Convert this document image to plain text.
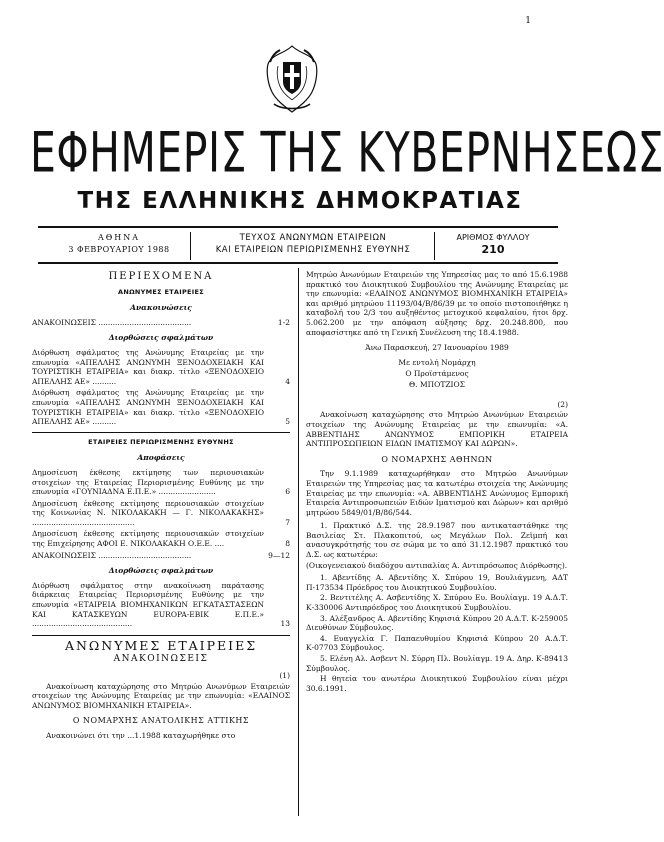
1
ΕΦΗΜΕΡΙΣ ΤΗΣ ΚΥΒΕΡΝΗΣΕΩΣ
ΤΗΣ ΕΛΛΗΝΙΚΗΣ ΔΗΜΟΚΡΑΤΙΑΣ
ΑΘΗΝΑ
3 ΦΕΒΡΟΥΑΡΙΟΥ 1988
ΤΕΥΧΟΣ ΑΝΩΝΥΜΩΝ ΕΤΑΙΡΕΙΩΝ
ΚΑΙ ΕΤΑΙΡΕΙΩΝ ΠΕΡΙΩΡΙΣΜΕΝΗΣ ΕΥΘΥΝΗΣ
ΑΡΙΘΜΟΣ ΦΥΛΛΟΥ
210
ΠΕΡΙΕΧΟΜΕΝΑ
ΑΝΩΝΥΜΕΣ ΕΤΑΙΡΕΙΕΣ
Ανακοινώσεις
ΑΝΑΚΟΙΝΩΣΕΙΣ .......................................	1-2
Διορθώσεις σφαλμάτων
Διόρθωση σφάλματος της Ανώνυμης Εταιρείας με την επωνυμία «ΑΠΕΛΛΗΣ ΑΝΩΝΥΜΗ ΞΕΝΟΔΟΧΕΙΑΚΗ ΚΑΙ ΤΟΥΡΙΣΤΙΚΗ ΕΤΑΙΡΕΙΑ» και διακρ. τίτλο «ΞΕΝΟΔΟΧΕΙΟ ΑΠΕΛΛΗΣ ΑΕ» ..........	4
Διόρθωση σφάλματος της Ανώνυμης Εταιρείας με την επωνυμία «ΑΠΕΛΛΗΣ ΑΝΩΝΥΜΗ ΞΕΝΟΔΟΧΕΙΑΚΗ ΚΑΙ ΤΟΥΡΙΣΤΙΚΗ ΕΤΑΙΡΕΙΑ» και διακρ. τίτλο «ΞΕΝΟΔΟΧΕΙΟ ΑΠΕΛΛΗΣ ΑΕ» ..........	5
ΕΤΑΙΡΕΙΕΣ ΠΕΡΙΩΡΙΣΜΕΝΗΣ ΕΥΘΥΝΗΣ
Αποφάσεις
Δημοσίευση έκθεσης εκτίμησης των περιουσιακών στοιχείων της Εταιρείας Περιορισμένης Ευθύνης με την επωνυμία «ΓΟΥΝΙΑΔΝΑ Ε.Π.Ε.» ........................	6
Δημοσίευση έκθεσης εκτίμησης περιουσιακών στοιχείων της Κοινωνίας Ν. ΝΙΚΟΛΑΚΑΚΗ — Γ. ΝΙΚΟΛΑΚΑΚΗΣ» ...........................................	7
Δημοσίευση έκθεσης εκτίμησης περιουσιακών στοιχείων της Επιχείρησης ΑΦΟΙ Ε. ΝΙΚΟΛΑΚΑΚΗ Ο.Ε.Ε. ....	8
ΑΝΑΚΟΙΝΩΣΕΙΣ .......................................	9—12
Διορθώσεις σφαλμάτων
Διόρθωση σφάλματος στην ανακοίνωση παράτασης διάρκειας Εταιρείας Περιορισμένης Ευθύνης με την επωνυμία «ΕΤΑΙΡΕΙΑ ΒΙΟΜΗΧΑΝΙΚΩΝ ΕΓΚΑΤΑΣΤΑΣΕΩΝ ΚΑΙ ΚΑΤΑΣΚΕΥΩΝ EUROPA-EBIK Ε.Π.Ε.» ..........................................	13
ΑΝΩΝΥΜΕΣ ΕΤΑΙΡΕΙΕΣ
ΑΝΑΚΟΙΝΩΣΕΙΣ
(1)

Ανακοίνωση καταχώρησης στο Μητρώο Ανωνύμων Εταιρειών στοιχείων της Ανώνυμης Εταιρείας με την επωνυμία: «ΕΛΑΙΝΟΣ ΑΝΩΝΥΜΟΣ ΒΙΟΜΗΧΑΝΙΚΗ ΕΤΑΙΡΕΙΑ».

Ο ΝΟΜΑΡΧΗΣ ΑΝΑΤΟΛΙΚΗΣ ΑΤΤΙΚΗΣ

Ανακοινώνει ότι την ...1.1988 καταχωρήθηκε στο

Μητρώο Ανωνύμων Εταιρειών της Υπηρεσίας μας το από 15.6.1988 πρακτικό του Διοικητικού Συμβουλίου της Ανώνυμης Εταιρείας με την επωνυμία: «ΕΛΑΙΝΟΣ ΑΝΩΝΥΜΟΣ ΒΙΟΜΗΧΑΝΙΚΗ ΕΤΑΙΡΕΙΑ» και αριθμό μητρώου 11193/04/Β/86/39 με το οποίο πιστοποιήθηκε η καταβολή του 2/3 του αυξηθέντος μετοχικού κεφαλαίου, ήτοι δρχ. 5.062.200 με την απόφαση αύξησης δρχ. 20.248.800, που αποφασίστηκε από τη Γενική Συνέλευση της 18.4.1988.

Άνω Παρασκευή, 27 Ιανουαρίου 1989

Με εντολή Νομάρχη
Ο Προϊστάμενος
Θ. ΜΠΟΤΖΙΟΣ
(2)

Ανακοίνωση καταχώρησης στο Μητρώο Ανωνύμων Εταιρειών στοιχείων της Ανώνυμης Εταιρείας με την επωνυμία: «Α. ΑΒΒΕΝΤΙΔΗΣ ΑΝΩΝΥΜΟΣ ΕΜΠΟΡΙΚΗ ΕΤΑΙΡΕΙΑ ΑΝΤΙΠΡΟΣΩΠΕΙΩΝ ΕΙΔΩΝ ΙΜΑΤΙΣΜΟΥ ΚΑΙ ΔΩΡΩΝ».

Ο ΝΟΜΑΡΧΗΣ ΑΘΗΝΩΝ

Την 9.1.1989 καταχωρήθηκαν στο Μητρώο Ανωνύμων Εταιρειών της Υπηρεσίας μας τα κατωτέρω στοιχεία της Ανώνυμης Εταιρείας με την επωνυμία: «Α. ΑΒΒΕΝΤΙΔΗΣ Ανώνυμος Εμπορική Εταιρεία Αντιπροσωπειών Ειδών Ιματισμού και Δώρων» και αριθμό μητρώου 5849/01/Β/86/544.

1. Πρακτικό Δ.Σ. της 28.9.1987 που αντικαταστάθηκε της Βασιλείας Στ. Πλακοπιτού, ως Μεγάλων Πολ. Ζεϊμπή και ανασυγκρότησής του σε σώμα με το από 31.12.1987 πρακτικό του Δ.Σ. ως κατωτέρω:

(Οικογενειακού διαδόχου αντιπαλίας Α. Αντιπρόσωπος Διόρθωσης).

1. Αβεντίδης Α. Αβεντίδης Χ. Σπύρου 19, Βουλιάγμενη, ΑΔΤ Π-173534 Πρόεδρος του Διοικητικού Συμβουλίου.

2. Βεντιτέλης Α. Ασβεντίδης Χ. Σπύρου Ευ. Βουλίαγμ. 19 Α.Δ.Τ. Κ-330006 Αντιπρόεδρος του Διοικητικού Συμβουλίου.

3. Αλέξανδρος Α. Αβεντίδης Κηφισιά Κύπρου 20 Α.Δ.Τ. Κ-259005 Διευθύνων Σύμβουλος.

4. Ευαγγελία Γ. Παπαευθυμίου Κηφισιά Κύπρου 20 Α.Δ.Τ. Κ-07703 Σύμβουλος.

5. Ελένη Αλ. Ασβεντ Ν. Σύρρη Πλ. Βουλίαγμ. 19 Α. Δηρ. Κ-89413 Σύμβουλος.

Η θητεία του ανωτέρω Διοικητικού Συμβουλίου είναι μέχρι 30.6.1991.
